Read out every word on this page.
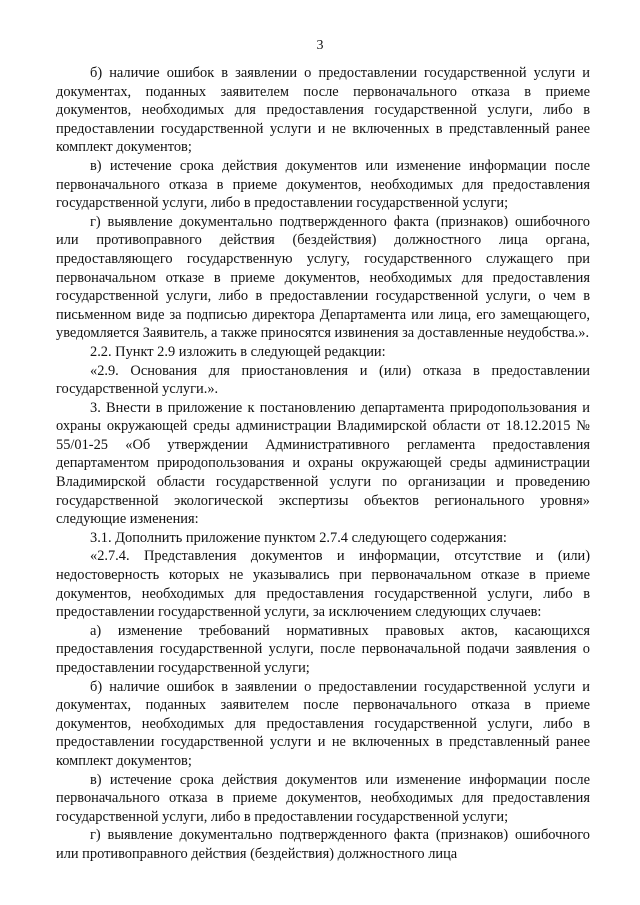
3

б) наличие ошибок в заявлении о предоставлении государственной услуги и документах, поданных заявителем после первоначального отказа в приеме документов, необходимых для предоставления государственной услуги, либо в предоставлении государственной услуги и не включенных в представленный ранее комплект документов;

в) истечение срока действия документов или изменение информации после первоначального отказа в приеме документов, необходимых для предоставления государственной услуги, либо в предоставлении государственной услуги;

г) выявление документально подтвержденного факта (признаков) ошибочного или противоправного действия (бездействия) должностного лица органа, предоставляющего государственную услугу, государственного служащего при первоначальном отказе в приеме документов, необходимых для предоставления государственной услуги, либо в предоставлении государственной услуги, о чем в письменном виде за подписью директора Департамента или лица, его замещающего, уведомляется Заявитель, а также приносятся извинения за доставленные неудобства.».

2.2. Пункт 2.9 изложить в следующей редакции:

«2.9. Основания для приостановления и (или) отказа в предоставлении государственной услуги.».

3. Внести в приложение к постановлению департамента природопользования и охраны окружающей среды администрации Владимирской области от 18.12.2015 № 55/01-25 «Об утверждении Административного регламента предоставления департаментом природопользования и охраны окружающей среды администрации Владимирской области государственной услуги по организации и проведению государственной экологической экспертизы объектов регионального уровня» следующие изменения:

3.1. Дополнить приложение пунктом 2.7.4 следующего содержания:

«2.7.4. Представления документов и информации, отсутствие и (или) недостоверность которых не указывались при первоначальном отказе в приеме документов, необходимых для предоставления государственной услуги, либо в предоставлении государственной услуги, за исключением следующих случаев:

а) изменение требований нормативных правовых актов, касающихся предоставления государственной услуги, после первоначальной подачи заявления о предоставлении государственной услуги;

б) наличие ошибок в заявлении о предоставлении государственной услуги и документах, поданных заявителем после первоначального отказа в приеме документов, необходимых для предоставления государственной услуги, либо в предоставлении государственной услуги и не включенных в представленный ранее комплект документов;

в) истечение срока действия документов или изменение информации после первоначального отказа в приеме документов, необходимых для предоставления государственной услуги, либо в предоставлении государственной услуги;

г) выявление документально подтвержденного факта (признаков) ошибочного или противоправного действия (бездействия) должностного лица
